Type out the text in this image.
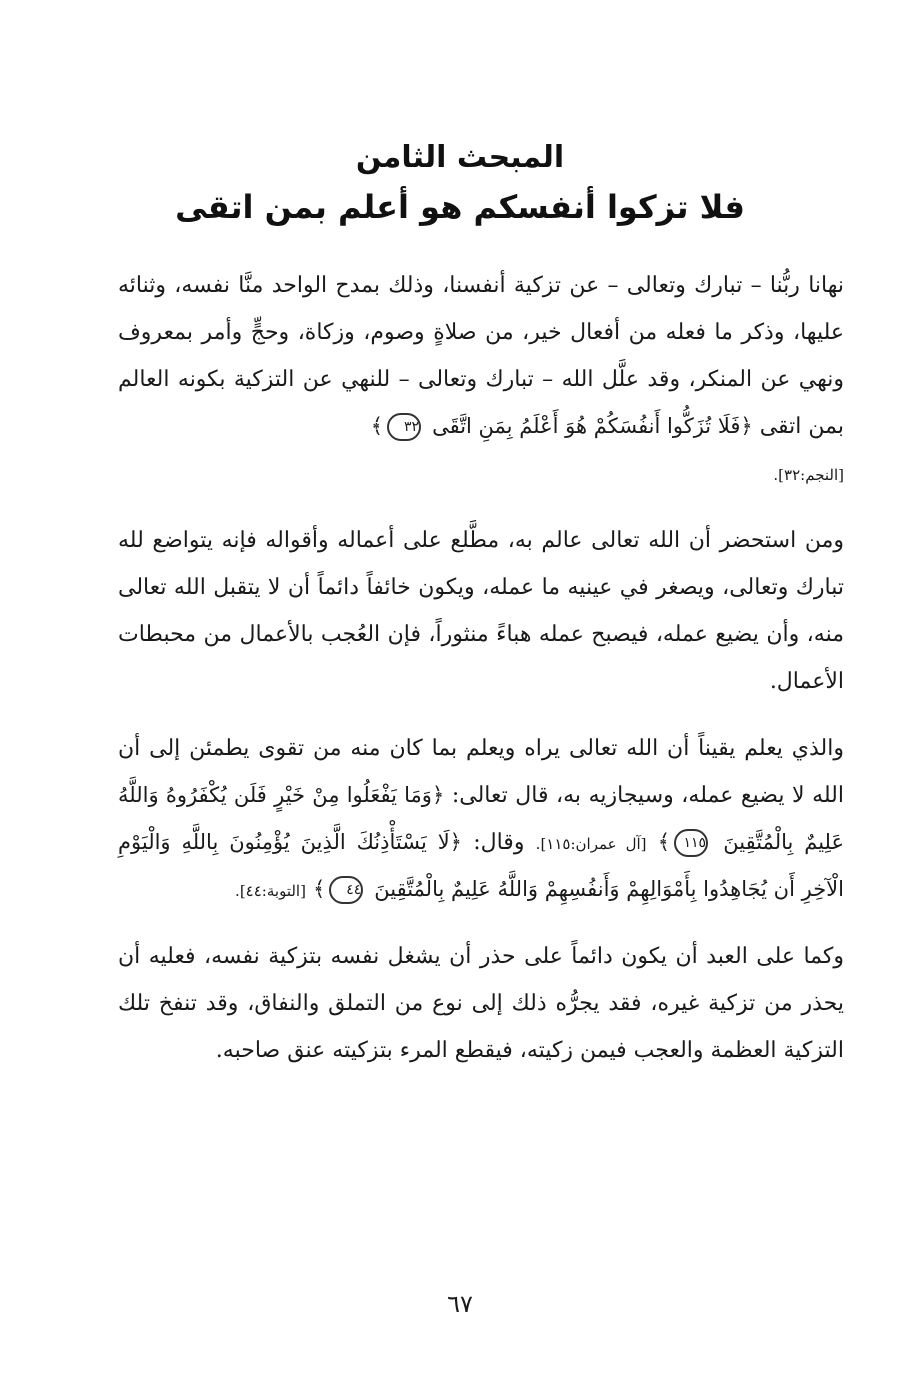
المبحث الثامن
فلا تزكوا أنفسكم هو أعلم بمن اتقى

نهانا ربُّنا – تبارك وتعالى – عن تزكية أنفسنا، وذلك بمدح الواحد منَّا نفسه، وثنائه عليها، وذكر ما فعله من أفعال خير، من صلاةٍ وصوم، وزكاة، وحجٍّ وأمر بمعروف ونهي عن المنكر، وقد علَّل الله – تبارك وتعالى – للنهي عن التزكية بكونه العالم بمن اتقى ﴿فَلَا تُزَكُّوا أَنفُسَكُمْ هُوَ أَعْلَمُ بِمَنِ اتَّقَى ٣٢﴾
[النجم:٣٢].

ومن استحضر أن الله تعالى عالم به، مطَّلع على أعماله وأقواله فإنه يتواضع لله تبارك وتعالى، ويصغر في عينيه ما عمله، ويكون خائفاً دائماً أن لا يتقبل الله تعالى منه، وأن يضيع عمله، فيصبح عمله هباءً منثوراً، فإن العُجب بالأعمال من محبطات الأعمال.

والذي يعلم يقيناً أن الله تعالى يراه ويعلم بما كان منه من تقوى يطمئن إلى أن الله لا يضيع عمله، وسيجازيه به، قال تعالى: ﴿وَمَا يَفْعَلُوا مِنْ خَيْرٍ فَلَن يُكْفَرُوهُ وَاللَّهُ عَلِيمٌ بِالْمُتَّقِينَ ١١٥﴾ [آل عمران:١١٥]. وقال: ﴿لَا يَسْتَأْذِنُكَ الَّذِينَ يُؤْمِنُونَ بِاللَّهِ وَالْيَوْمِ الْآخِرِ أَن يُجَاهِدُوا بِأَمْوَالِهِمْ وَأَنفُسِهِمْ وَاللَّهُ عَلِيمٌ بِالْمُتَّقِينَ ٤٤﴾ [التوبة:٤٤].

وكما على العبد أن يكون دائماً على حذر أن يشغل نفسه بتزكية نفسه، فعليه أن يحذر من تزكية غيره، فقد يجرُّه ذلك إلى نوع من التملق والنفاق، وقد تنفخ تلك التزكية العظمة والعجب فيمن زكيته، فيقطع المرء بتزكيته عنق صاحبه.

٦٧
